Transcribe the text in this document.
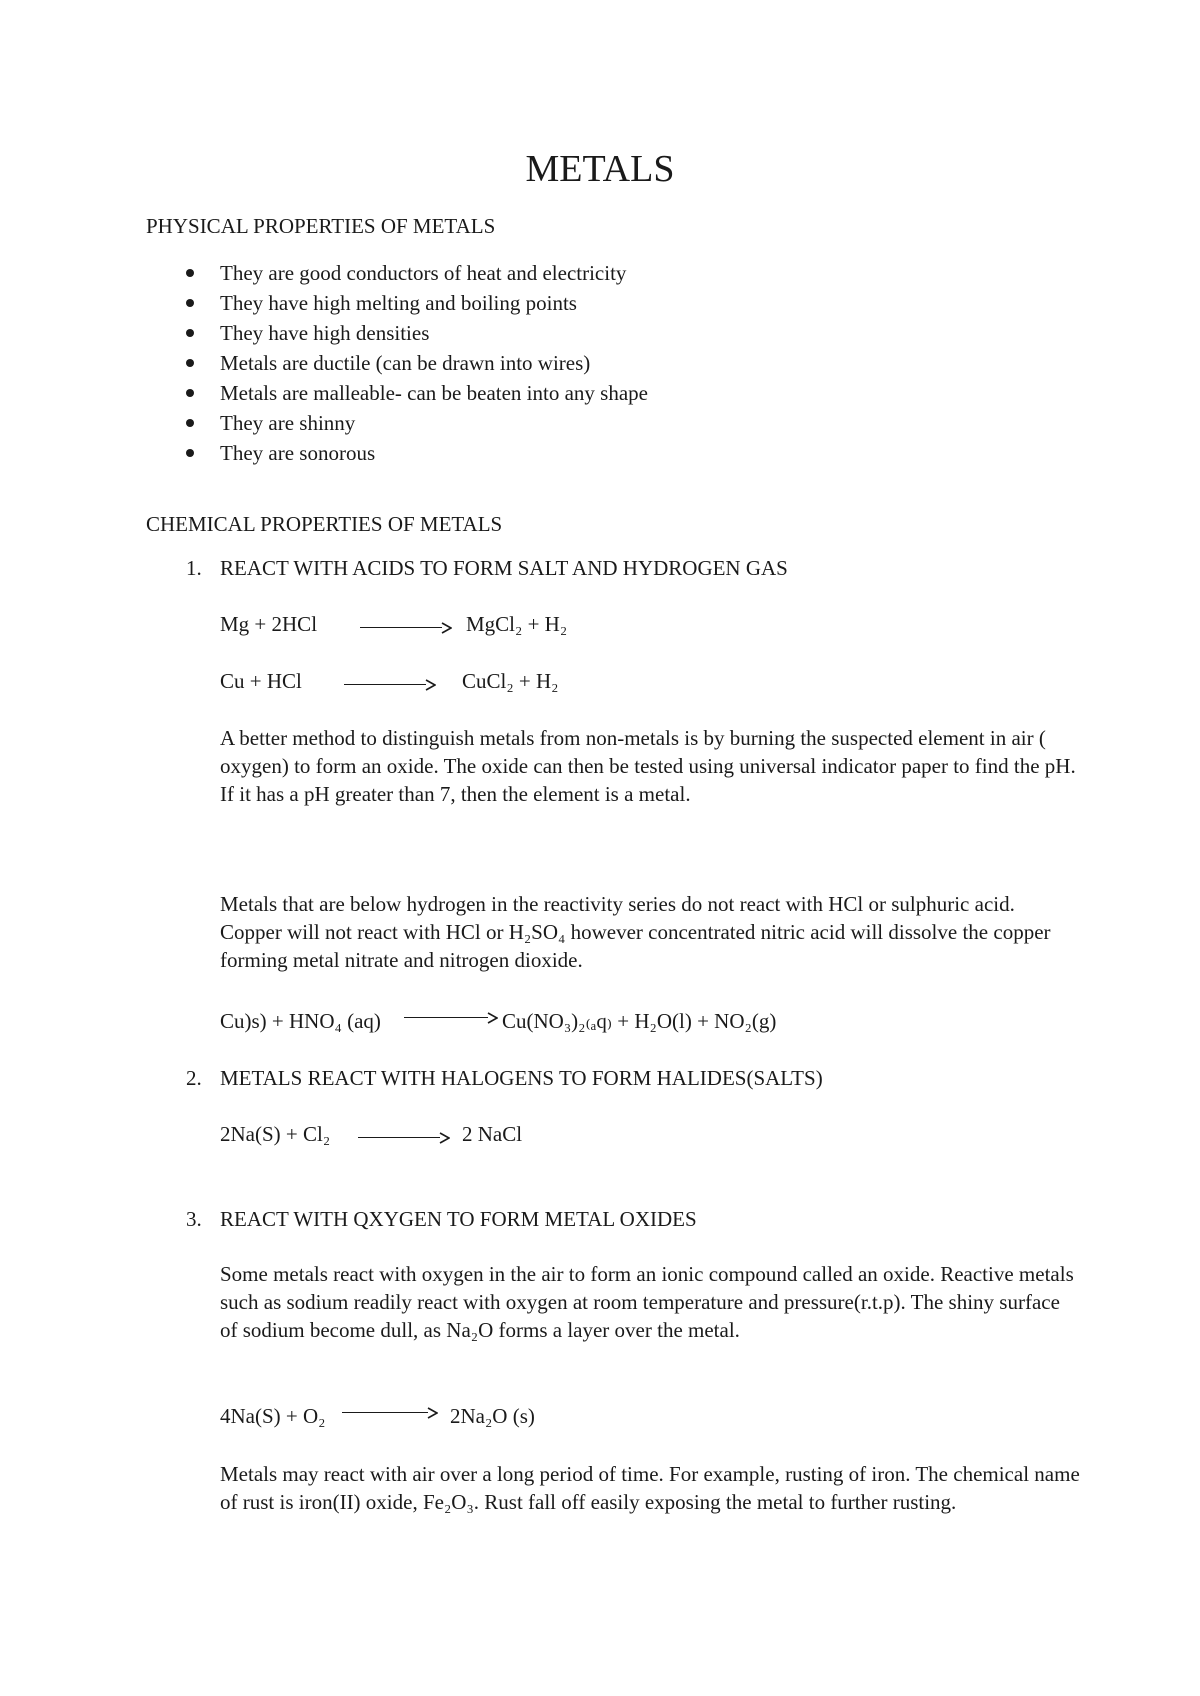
METALS
PHYSICAL PROPERTIES OF METALS
They are good conductors of heat and electricity
They have high melting and boiling points
They have high densities
Metals are ductile (can be drawn into wires)
Metals are malleable- can be beaten into any shape
They are shinny
They are sonorous
CHEMICAL PROPERTIES OF METALS
1. REACT WITH ACIDS TO FORM SALT AND HYDROGEN GAS
Mg + 2HCl	MgCl₂ + H₂
Cu + HCl	CuCl₂ + H₂

A better method to distinguish metals from non-metals is by burning the suspected element in air ( oxygen) to form an oxide. The oxide can then be tested using universal indicator paper to find the pH. If it has a pH greater than 7, then the element is a metal.

Metals that are below hydrogen in the reactivity series do not react with HCl or sulphuric acid. Copper will not react with HCl or H₂SO₄ however concentrated nitric acid will dissolve the copper forming metal nitrate and nitrogen dioxide.

Cu)s) + HNO₄ (aq)	Cu(NO₃)₂₍ₐq₎ + H₂O(l) + NO₂(g)
2. METALS REACT WITH HALOGENS TO FORM HALIDES(SALTS)
2Na(S) + Cl₂	2 NaCl
3. REACT WITH QXYGEN TO FORM METAL OXIDES

Some metals react with oxygen in the air to form an ionic compound called an oxide. Reactive metals such as sodium readily react with oxygen at room temperature and pressure(r.t.p). The shiny surface of sodium become dull, as Na₂O forms a layer over the metal.

4Na(S) + O₂	2Na₂O (s)

Metals may react with air over a long period of time. For example, rusting of iron. The chemical name of rust is iron(II) oxide, Fe₂O₃. Rust fall off easily exposing the metal to further rusting.
